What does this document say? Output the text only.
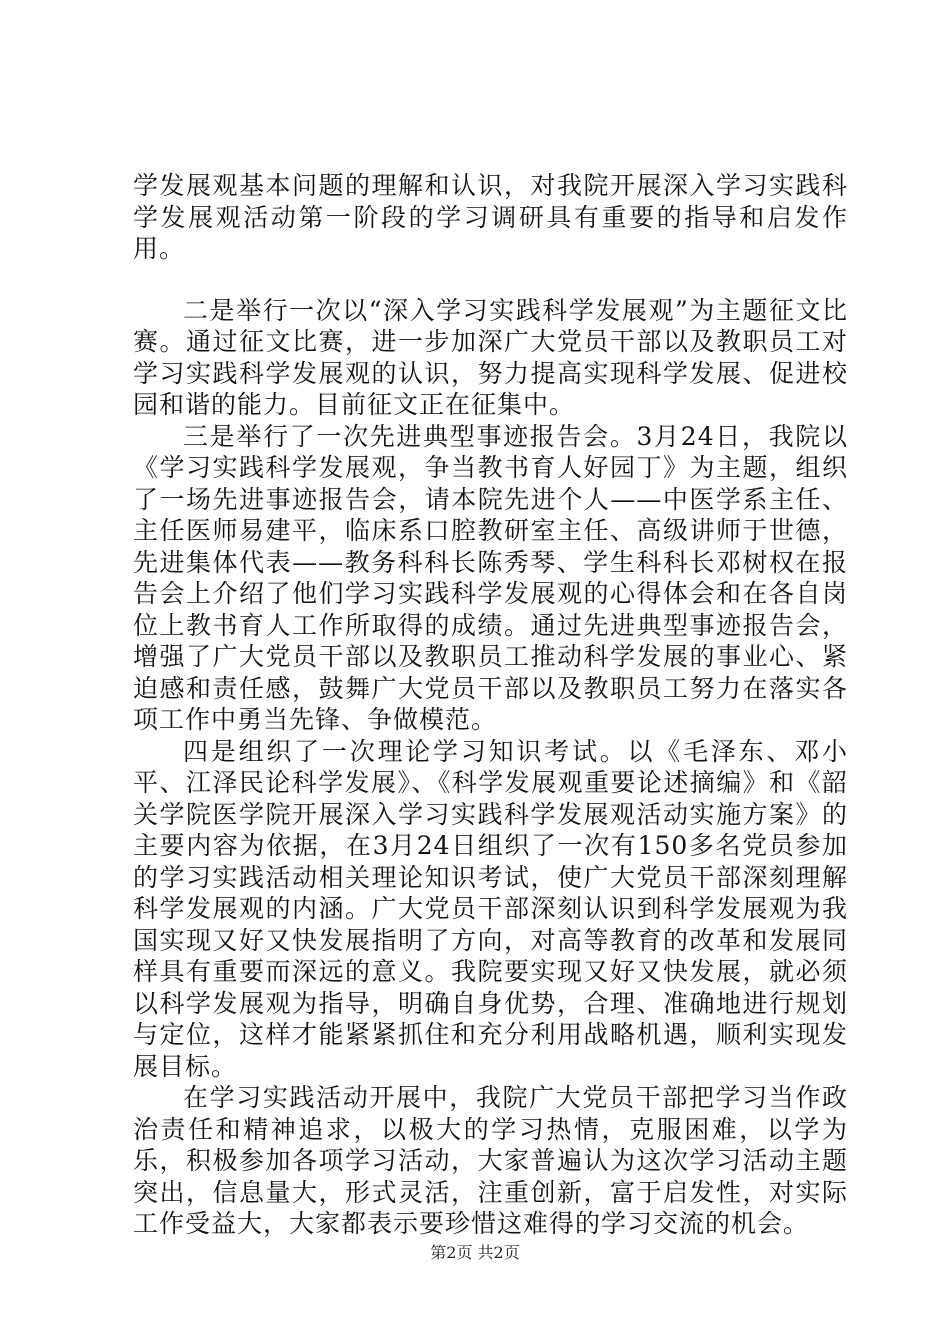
学发展观基本问题的理解和认识，对我院开展深入学习实践科学发展观活动第一阶段的学习调研具有重要的指导和启发作用。

二是举行一次以“深入学习实践科学发展观”为主题征文比赛。通过征文比赛，进一步加深广大党员干部以及教职员工对学习实践科学发展观的认识，努力提高实现科学发展、促进校园和谐的能力。目前征文正在征集中。

三是举行了一次先进典型事迹报告会。3月24日，我院以《学习实践科学发展观，争当教书育人好园丁》为主题，组织了一场先进事迹报告会，请本院先进个人——中医学系主任、主任医师易建平，临床系口腔教研室主任、高级讲师于世德，先进集体代表——教务科科长陈秀琴、学生科科长邓树权在报告会上介绍了他们学习实践科学发展观的心得体会和在各自岗位上教书育人工作所取得的成绩。通过先进典型事迹报告会，增强了广大党员干部以及教职员工推动科学发展的事业心、紧迫感和责任感，鼓舞广大党员干部以及教职员工努力在落实各项工作中勇当先锋、争做模范。

四是组织了一次理论学习知识考试。以《毛泽东、邓小平、江泽民论科学发展》、《科学发展观重要论述摘编》和《韶关学院医学院开展深入学习实践科学发展观活动实施方案》的主要内容为依据，在3月24日组织了一次有150多名党员参加的学习实践活动相关理论知识考试，使广大党员干部深刻理解科学发展观的内涵。广大党员干部深刻认识到科学发展观为我国实现又好又快发展指明了方向，对高等教育的改革和发展同样具有重要而深远的意义。我院要实现又好又快发展，就必须以科学发展观为指导，明确自身优势，合理、准确地进行规划与定位，这样才能紧紧抓住和充分利用战略机遇，顺利实现发展目标。

在学习实践活动开展中，我院广大党员干部把学习当作政治责任和精神追求，以极大的学习热情，克服困难，以学为乐，积极参加各项学习活动，大家普遍认为这次学习活动主题突出，信息量大，形式灵活，注重创新，富于启发性，对实际工作受益大，大家都表示要珍惜这难得的学习交流的机会。

第2页 共2页
